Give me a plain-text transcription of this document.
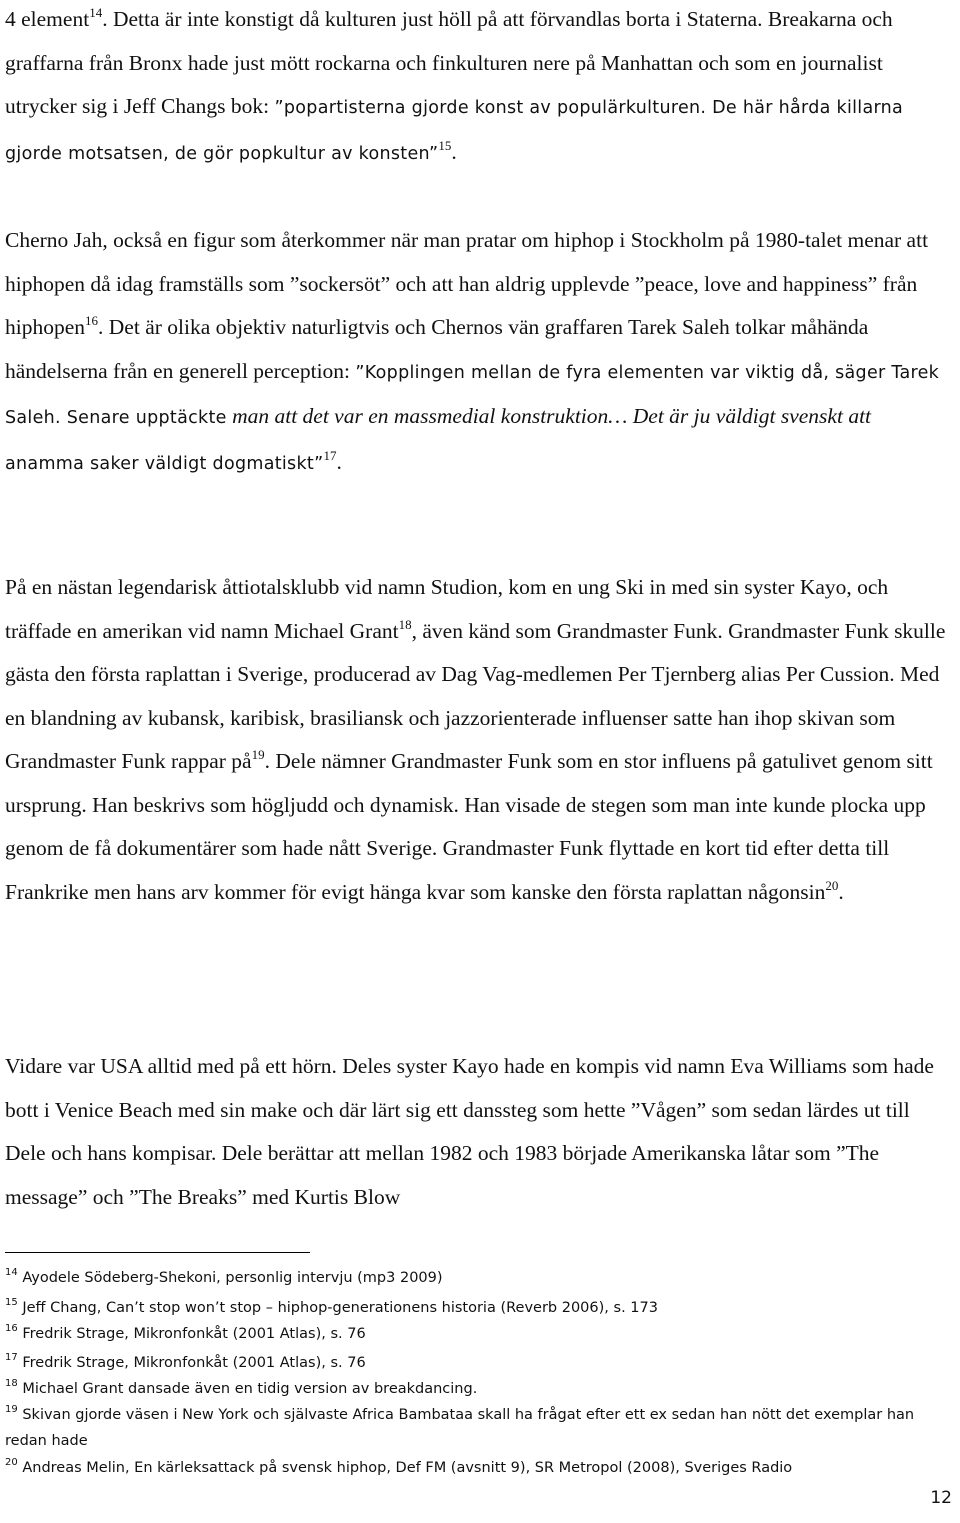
4 element$^{14}$. Detta är inte konstigt då kulturen just höll på att förvandlas borta i Staterna. Breakarna och graffarna från Bronx hade just mött rockarna och finkulturen nere på Manhattan och som en journalist utrycker sig i Jeff Changs bok: ”popartisterna gjorde konst av populärkulturen. De här hårda killarna gjorde motsatsen, de gör popkultur av konsten”$^{15}$.

Cherno Jah, också en figur som återkommer när man pratar om hiphop i Stockholm på 1980-talet menar att hiphopen då idag framställs som ”sockersöt” och att han aldrig upplevde ”peace, love and happiness” från hiphopen$^{16}$. Det är olika objektiv naturligtvis och Chernos vän graffaren Tarek Saleh tolkar måhända händelserna från en generell perception: ”Kopplingen mellan de fyra elementen var viktig då, säger Tarek Saleh. Senare upptäckte man att det var en massmedial konstruktion… Det är ju väldigt svenskt att anamma saker väldigt dogmatiskt”$^{17}$.

På en nästan legendarisk åttiotalsklubb vid namn Studion, kom en ung Ski in med sin syster Kayo, och träffade en amerikan vid namn Michael Grant$^{18}$, även känd som Grandmaster Funk. Grandmaster Funk skulle gästa den första raplattan i Sverige, producerad av Dag Vag-medlemen Per Tjernberg alias Per Cussion. Med en blandning av kubansk, karibisk, brasiliansk och jazzorienterade influenser satte han ihop skivan som Grandmaster Funk rappar $på^{19}$. Dele nämner Grandmaster Funk som en stor influens på gatulivet genom sitt ursprung. Han beskrivs som högljudd och dynamisk. Han visade de stegen som man inte kunde plocka upp genom de få dokumentärer som hade nått Sverige. Grandmaster Funk flyttade en kort tid efter detta till Frankrike men hans arv kommer för evigt hänga kvar som kanske den första raplattan någonsin$^{20}$.

Vidare var USA alltid med på ett hörn. Deles syster Kayo hade en kompis vid namn Eva Williams som hade bott i Venice Beach med sin make och där lärt sig ett danssteg som hette ”Vågen” som sedan lärdes ut till Dele och hans kompisar. Dele berättar att mellan 1982 och 1983 började Amerikanska låtar som ”The message” och ”The Breaks” med Kurtis Blow

$^{14}$ Ayodele Södeberg-Shekoni, personlig intervju (mp3 2009)

$^{15}$ Jeff Chang, Can’t stop won’t stop – hiphop-generationens historia (Reverb 2006), s. 173

$^{16}$ Fredrik Strage, Mikronfonkåt (2001 Atlas), s. 76

$^{17}$ Fredrik Strage, Mikronfonkåt (2001 Atlas), s. 76

$^{18}$ Michael Grant dansade även en tidig version av breakdancing.

$^{19}$ Skivan gjorde väsen i New York och självaste Africa Bambataa skall ha frågat efter ett ex sedan han nött det exemplar han redan hade

$^{20}$ Andreas Melin, En kärleksattack på svensk hiphop, Def FM (avsnitt 9), SR Metropol (2008), Sveriges Radio

12
